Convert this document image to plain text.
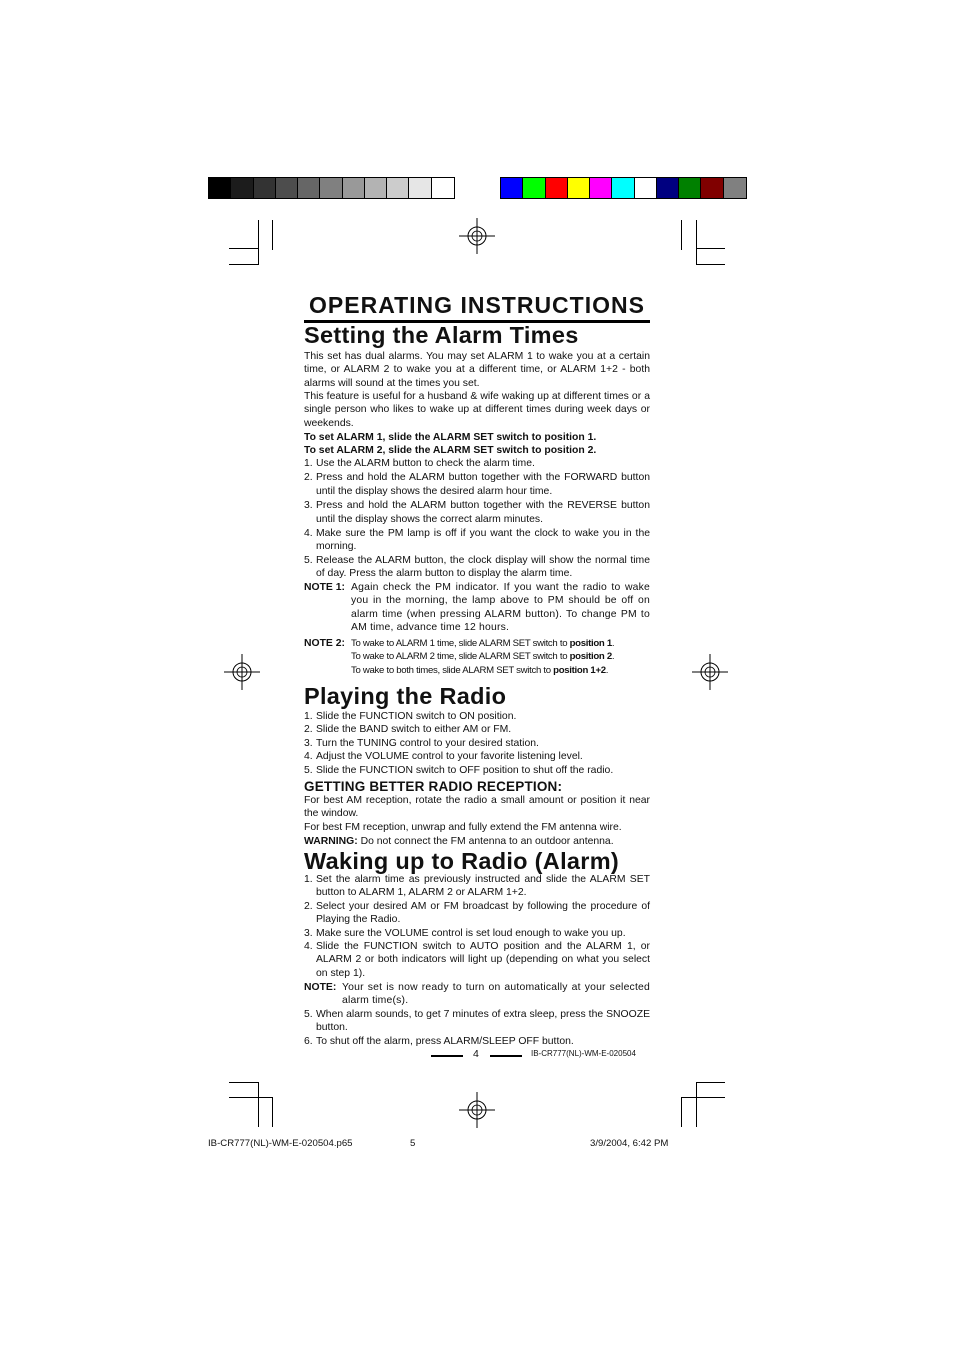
OPERATING INSTRUCTIONS
Setting the Alarm Times
This set has dual alarms. You may set ALARM 1 to wake you at a certain time, or ALARM 2 to wake you at a different time, or ALARM 1+2 - both alarms will sound at the times you set.
This feature is useful for a husband & wife waking up at different times or a single person who likes to wake up at different times during week days or weekends.
To set ALARM 1, slide the ALARM SET switch to position 1.
To set ALARM 2, slide the ALARM SET switch to position 2.
1. Use the ALARM button to check the alarm time.
2. Press and hold the ALARM button together with the FORWARD button until the display shows the desired alarm hour time.
3. Press and hold the ALARM button together with the REVERSE button until the display shows the correct alarm minutes.
4. Make sure the PM lamp is off if you want the clock to wake you in the morning.
5. Release the ALARM button, the clock display will show the normal time of day. Press the alarm button to display the alarm time.
NOTE 1: Again check the PM indicator. If you want the radio to wake you in the morning, the lamp above to PM should be off on alarm time (when pressing ALARM button). To change PM to AM time, advance time 12 hours.
NOTE 2: To wake to ALARM 1 time, slide ALARM SET switch to position 1.
To wake to ALARM 2 time, slide ALARM SET switch to position 2.
To wake to both times, slide ALARM SET switch to position 1+2.
Playing the Radio
1. Slide the FUNCTION switch to ON position.
2. Slide the BAND switch to either AM or FM.
3. Turn the TUNING control to your desired station.
4. Adjust the VOLUME control to your favorite listening level.
5. Slide the FUNCTION switch to OFF position to shut off the radio.
GETTING BETTER RADIO RECEPTION:
For best AM reception, rotate the radio a small amount or position it near the window.
For best FM reception, unwrap and fully extend the FM antenna wire.
WARNING: Do not connect the FM antenna to an outdoor antenna.
Waking up to Radio (Alarm)
1. Set the alarm time as previously instructed and slide the ALARM SET button to ALARM 1, ALARM 2 or ALARM 1+2.
2. Select your desired AM or FM broadcast by following the procedure of Playing the Radio.
3. Make sure the VOLUME control is set loud enough to wake you up.
4. Slide the FUNCTION switch to AUTO position and the ALARM 1, or ALARM 2 or both indicators will light up (depending on what you select on step 1).
NOTE: Your set is now ready to turn on automatically at your selected alarm time(s).
5. When alarm sounds, to get 7 minutes of extra sleep, press the SNOOZE button.
6. To shut off the alarm, press ALARM/SLEEP OFF button.
4	IB-CR777(NL)-WM-E-020504
IB-CR777(NL)-WM-E-020504.p65	5	3/9/2004, 6:42 PM
